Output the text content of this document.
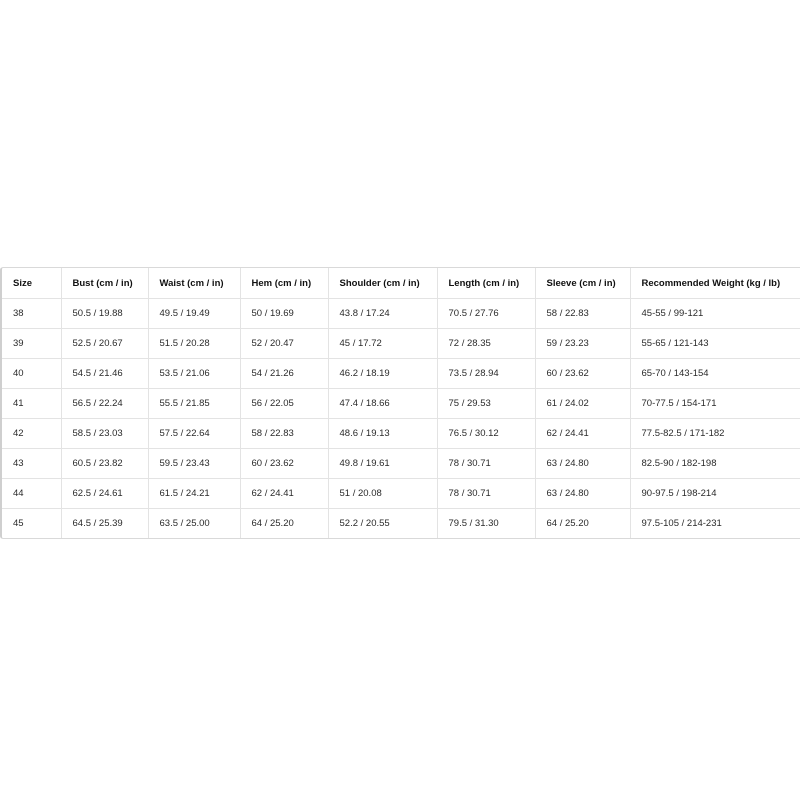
Size	Bust (cm / in)	Waist (cm / in)	Hem (cm / in)	Shoulder (cm / in)	Length (cm / in)	Sleeve (cm / in)	Recommended Weight (kg / lb)
38	50.5 / 19.88	49.5 / 19.49	50 / 19.69	43.8 / 17.24	70.5 / 27.76	58 / 22.83	45-55 / 99-121
39	52.5 / 20.67	51.5 / 20.28	52 / 20.47	45 / 17.72	72 / 28.35	59 / 23.23	55-65 / 121-143
40	54.5 / 21.46	53.5 / 21.06	54 / 21.26	46.2 / 18.19	73.5 / 28.94	60 / 23.62	65-70 / 143-154
41	56.5 / 22.24	55.5 / 21.85	56 / 22.05	47.4 / 18.66	75 / 29.53	61 / 24.02	70-77.5 / 154-171
42	58.5 / 23.03	57.5 / 22.64	58 / 22.83	48.6 / 19.13	76.5 / 30.12	62 / 24.41	77.5-82.5 / 171-182
43	60.5 / 23.82	59.5 / 23.43	60 / 23.62	49.8 / 19.61	78 / 30.71	63 / 24.80	82.5-90 / 182-198
44	62.5 / 24.61	61.5 / 24.21	62 / 24.41	51 / 20.08	78 / 30.71	63 / 24.80	90-97.5 / 198-214
45	64.5 / 25.39	63.5 / 25.00	64 / 25.20	52.2 / 20.55	79.5 / 31.30	64 / 25.20	97.5-105 / 214-231
